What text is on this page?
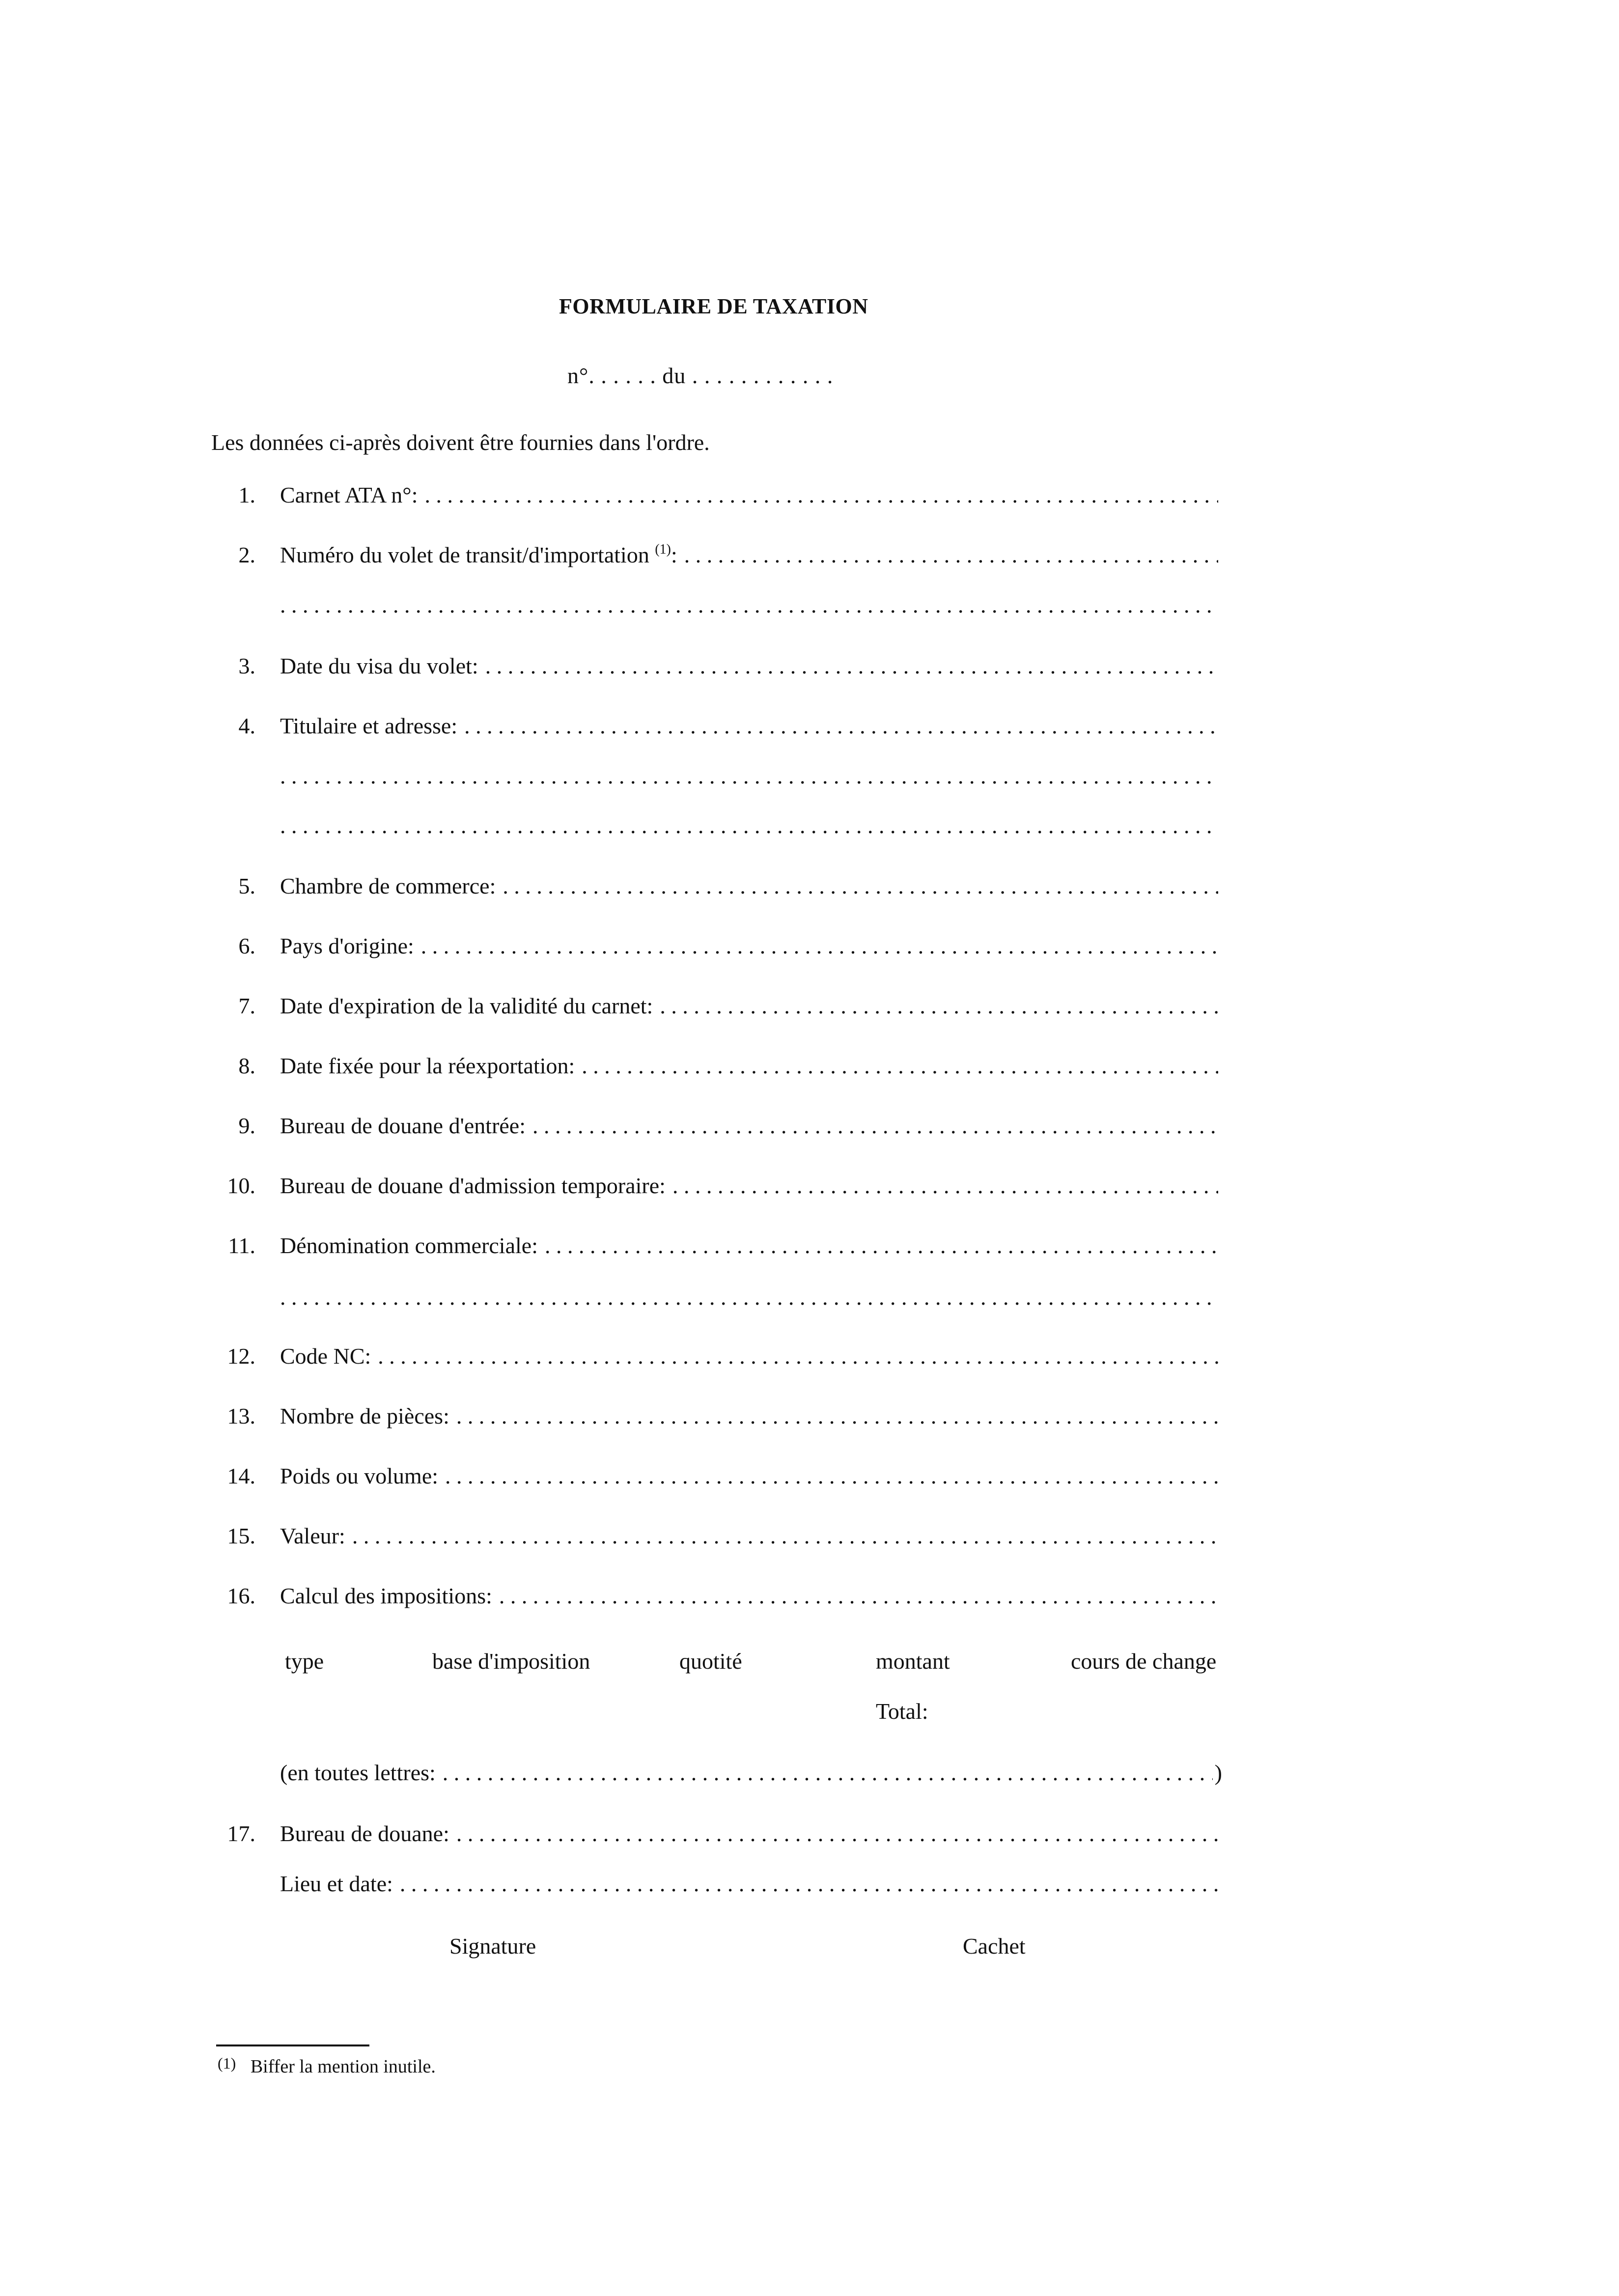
FORMULAIRE DE TAXATION
n°. . . . . . du . . . . . . . . . . . .
Les données ci-après doivent être fournies dans l'ordre.
1. Carnet ATA n°:
. . .
2. Numéro du volet de transit/d'importation $^{(1)}$:
. . .
. . .
3. Date du visa du volet:
. . .
4. Titulaire et adresse:
. . .
. . .
. . .
5. Chambre de commerce:
. . .
6. Pays d'origine:
. . .
7. Date d'expiration de la validité du carnet:
. . .
8. Date fixée pour la réexportation:
. . .
9. Bureau de douane d'entrée:
. . .
10. Bureau de douane d'admission temporaire:
. . .
11. Dénomination commerciale:
. . .
. . .
12. Code NC:
. . .
13. Nombre de pièces:
. . .
14. Poids ou volume:
. . .
15. Valeur:
. . .
16. Calcul des impositions:
. . .
type	base d'imposition	quotité	montant	cours de change
Total:
(en toutes lettres:
. . .	)
17. Bureau de douane:
. . .
Lieu et date:
. . .
Signature	Cachet
$^{(1)}$ Biffer la mention inutile.
